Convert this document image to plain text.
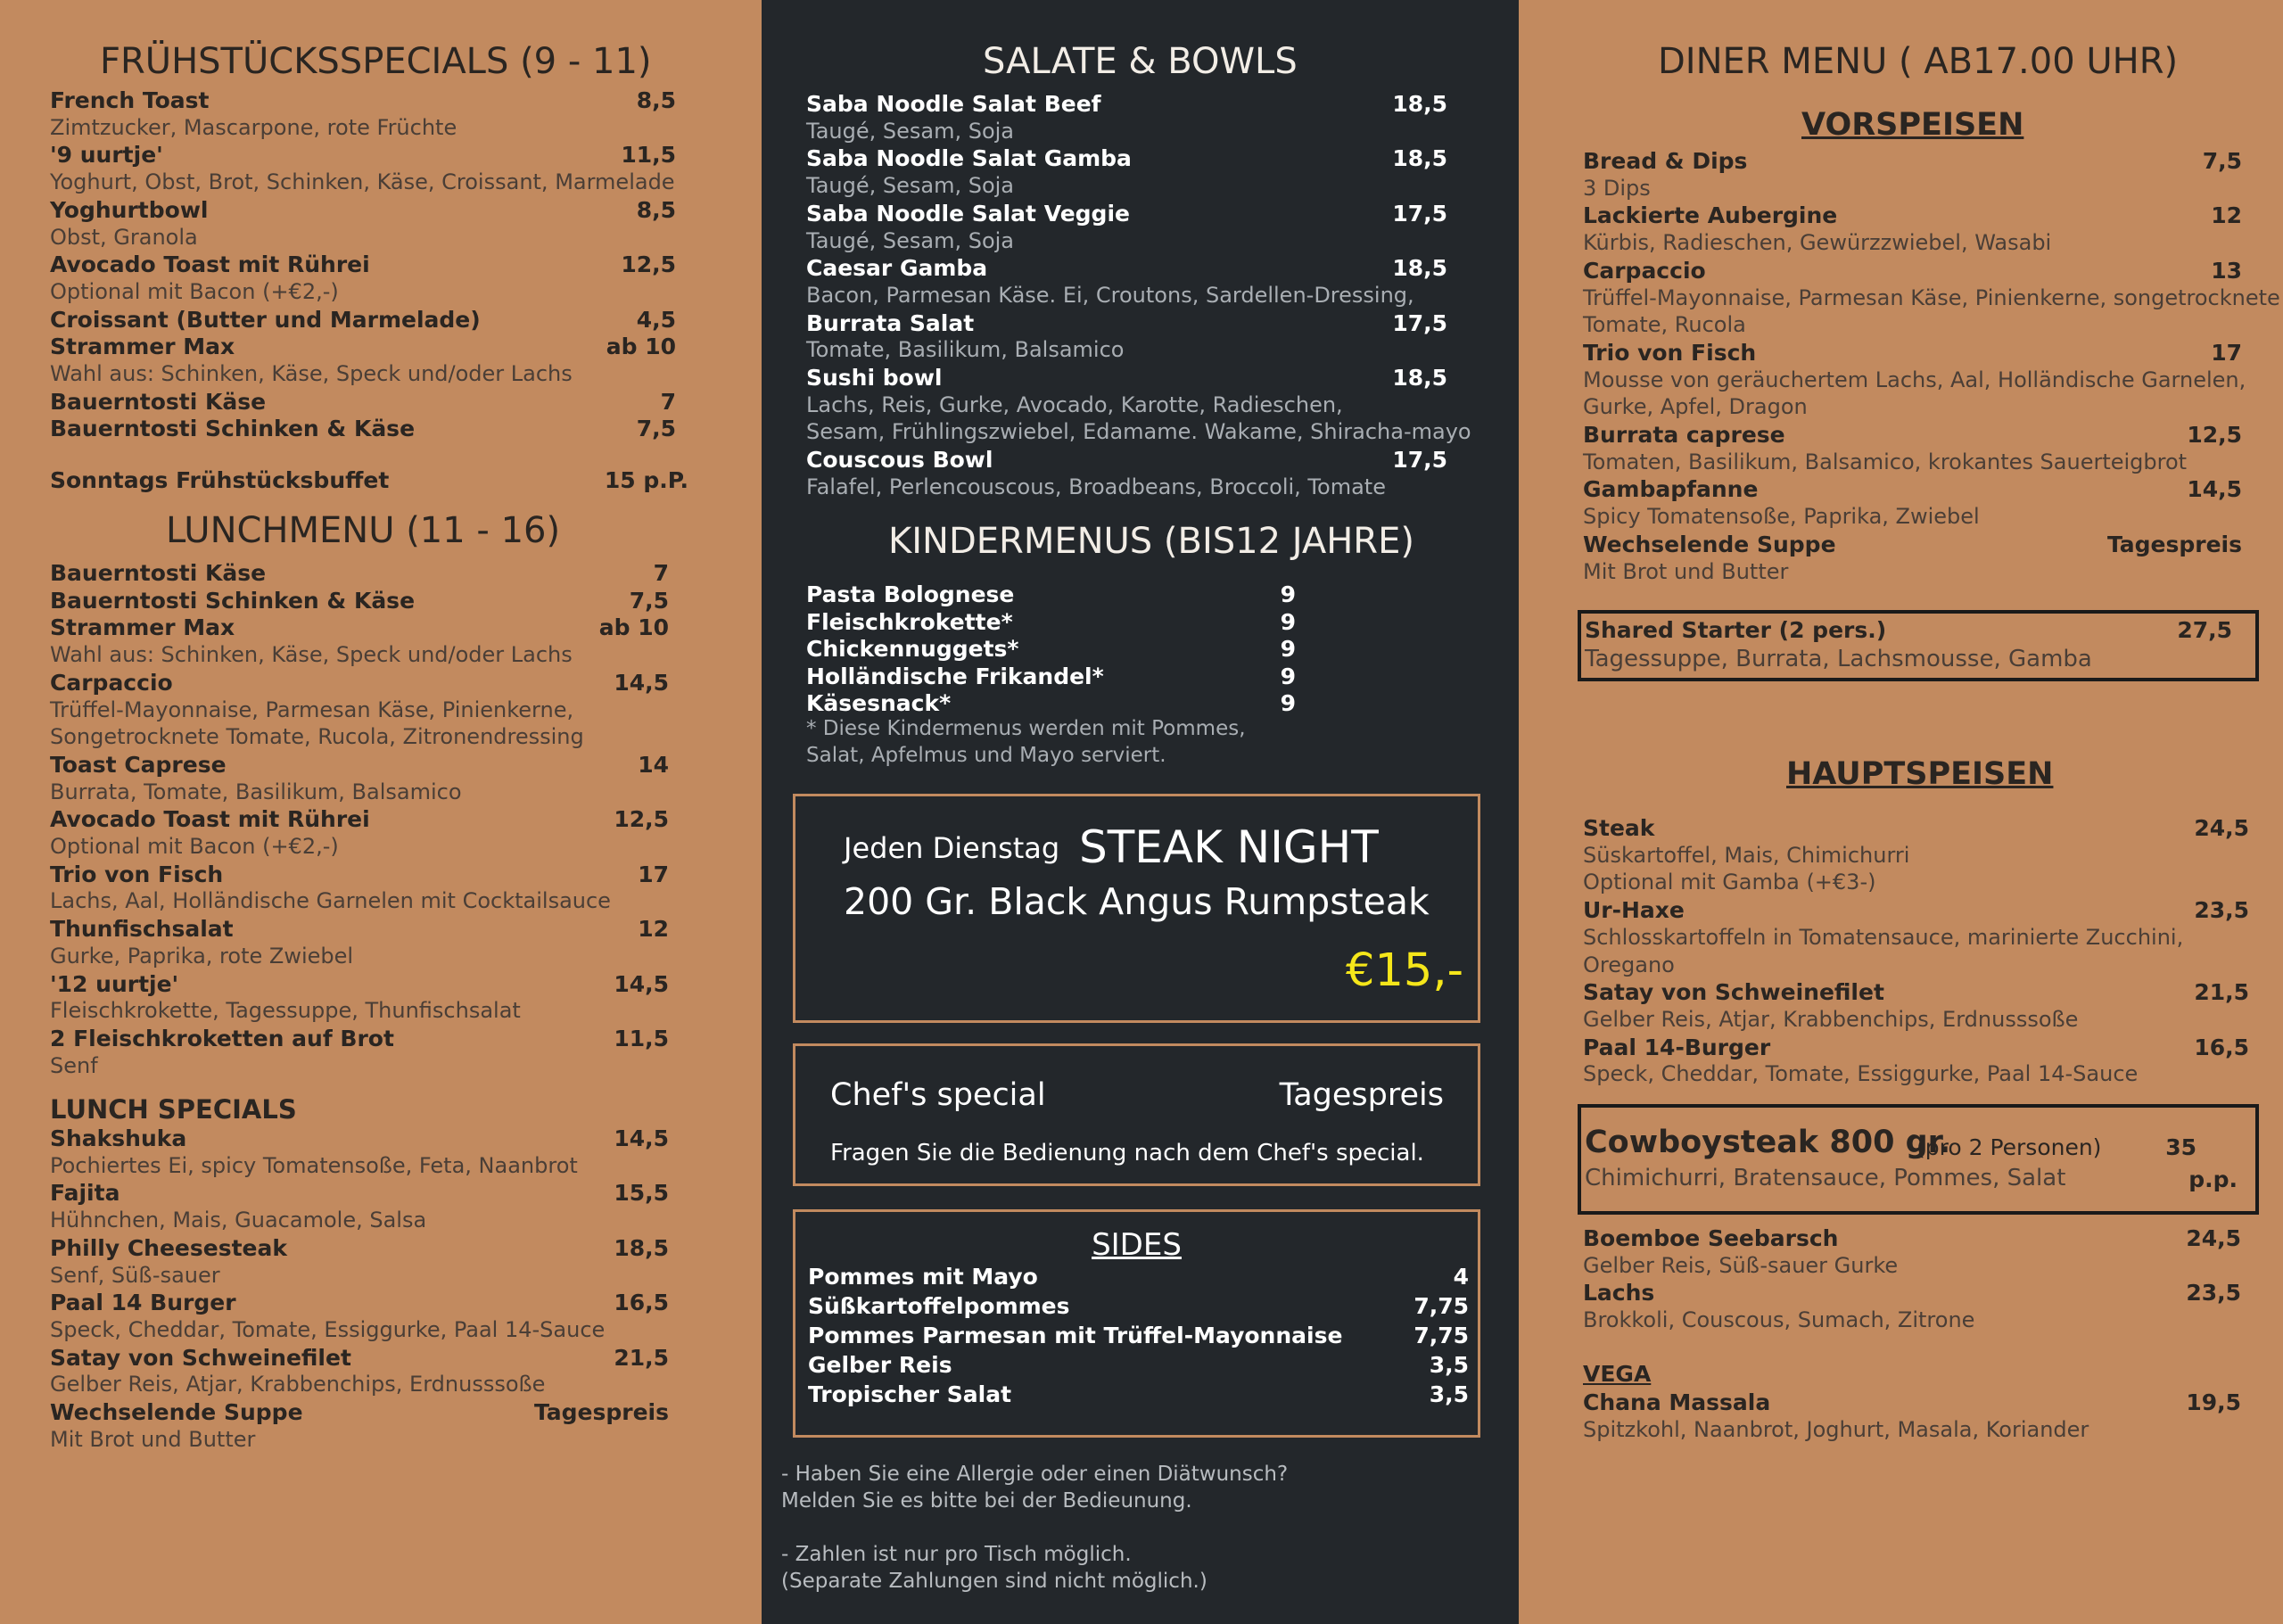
FRÜHSTÜCKSSPECIALS (9 - 11)
French Toast	8,5
Zimtzucker, Mascarpone, rote Früchte
'9 uurtje'	11,5
Yoghurt, Obst, Brot, Schinken, Käse, Croissant, Marmelade
Yoghurtbowl	8,5
Obst, Granola
Avocado Toast mit Rührei	12,5
Optional mit Bacon (+€2,-)
Croissant (Butter und Marmelade)	4,5
Strammer Max	ab 10
Wahl aus: Schinken, Käse, Speck und/oder Lachs
Bauerntosti Käse	7
Bauerntosti Schinken & Käse	7,5
Sonntags Frühstücksbuffet	15 p.P.
LUNCHMENU (11 - 16)
Bauerntosti Käse	7
Bauerntosti Schinken & Käse	7,5
Strammer Max	ab 10
Wahl aus: Schinken, Käse, Speck und/oder Lachs
Carpaccio	14,5
Trüffel-Mayonnaise, Parmesan Käse, Pinienkerne,
Songetrocknete Tomate, Rucola, Zitronendressing
Toast Caprese	14
Burrata, Tomate, Basilikum, Balsamico
Avocado Toast mit Rührei	12,5
Optional mit Bacon (+€2,-)
Trio von Fisch	17
Lachs, Aal, Holländische Garnelen mit Cocktailsauce
Thunfischsalat	12
Gurke, Paprika, rote Zwiebel
'12 uurtje'	14,5
Fleischkrokette, Tagessuppe, Thunfischsalat
2 Fleischkroketten auf Brot	11,5
Senf
LUNCH SPECIALS
Shakshuka	14,5
Pochiertes Ei, spicy Tomatensoße, Feta, Naanbrot
Fajita	15,5
Hühnchen, Mais, Guacamole, Salsa
Philly Cheesesteak	18,5
Senf, Süß-sauer
Paal 14 Burger	16,5
Speck, Cheddar, Tomate, Essiggurke, Paal 14-Sauce
Satay von Schweinefilet	21,5
Gelber Reis, Atjar, Krabbenchips, Erdnusssoße
Wechselende Suppe	Tagespreis
Mit Brot und Butter
SALATE & BOWLS
Saba Noodle Salat Beef	18,5
Taugé, Sesam, Soja
Saba Noodle Salat Gamba	18,5
Taugé, Sesam, Soja
Saba Noodle Salat Veggie	17,5
Taugé, Sesam, Soja
Caesar Gamba	18,5
Bacon, Parmesan Käse. Ei, Croutons, Sardellen-Dressing,
Burrata Salat	17,5
Tomate, Basilikum, Balsamico
Sushi bowl	18,5
Lachs, Reis, Gurke, Avocado, Karotte, Radieschen,
Sesam, Frühlingszwiebel, Edamame. Wakame, Shiracha-mayo
Couscous Bowl	17,5
Falafel, Perlencouscous, Broadbeans, Broccoli, Tomate
KINDERMENUS (BIS12 JAHRE)
Pasta Bolognese	9
Fleischkrokette*	9
Chickennuggets*	9
Holländische Frikandel*	9
Käsesnack*	9
* Diese Kindermenus werden mit Pommes,
Salat, Apfelmus und Mayo serviert.
Jeden Dienstag STEAK NIGHT
200 Gr. Black Angus Rumpsteak
€15,-
Chef's special	Tagespreis
Fragen Sie die Bedienung nach dem Chef's special.
SIDES
Pommes mit Mayo	4
Süßkartoffelpommes	7,75
Pommes Parmesan mit Trüffel-Mayonnaise	7,75
Gelber Reis	3,5
Tropischer Salat	3,5
- Haben Sie eine Allergie oder einen Diätwunsch?
Melden Sie es bitte bei der Bedieunung.
- Zahlen ist nur pro Tisch möglich.
(Separate Zahlungen sind nicht möglich.)
DINER MENU ( AB17.00 UHR)
VORSPEISEN
Bread & Dips	7,5
3 Dips
Lackierte Aubergine	12
Kürbis, Radieschen, Gewürzzwiebel, Wasabi
Carpaccio	13
Trüffel-Mayonnaise, Parmesan Käse, Pinienkerne, songetrocknete
Tomate, Rucola
Trio von Fisch	17
Mousse von geräuchertem Lachs, Aal, Holländische Garnelen,
Gurke, Apfel, Dragon
Burrata caprese	12,5
Tomaten, Basilikum, Balsamico, krokantes Sauerteigbrot
Gambapfanne	14,5
Spicy Tomatensoße, Paprika, Zwiebel
Wechselende Suppe	Tagespreis
Mit Brot und Butter
Shared Starter (2 pers.)	27,5
Tagessuppe, Burrata, Lachsmousse, Gamba
HAUPTSPEISEN
Steak	24,5
Süskartoffel, Mais, Chimichurri
Optional mit Gamba (+€3-)
Ur-Haxe	23,5
Schlosskartoffeln in Tomatensauce, marinierte Zucchini,
Oregano
Satay von Schweinefilet	21,5
Gelber Reis, Atjar, Krabbenchips, Erdnusssoße
Paal 14-Burger	16,5
Speck, Cheddar, Tomate, Essiggurke, Paal 14-Sauce
Cowboysteak 800 gr.
(pro 2 Personen)	35
Chimichurri, Bratensauce, Pommes, Salat	p.p.
Boemboe Seebarsch	24,5
Gelber Reis, Süß-sauer Gurke
Lachs	23,5
Brokkoli, Couscous, Sumach, Zitrone
VEGA
Chana Massala	19,5
Spitzkohl, Naanbrot, Joghurt, Masala, Koriander
